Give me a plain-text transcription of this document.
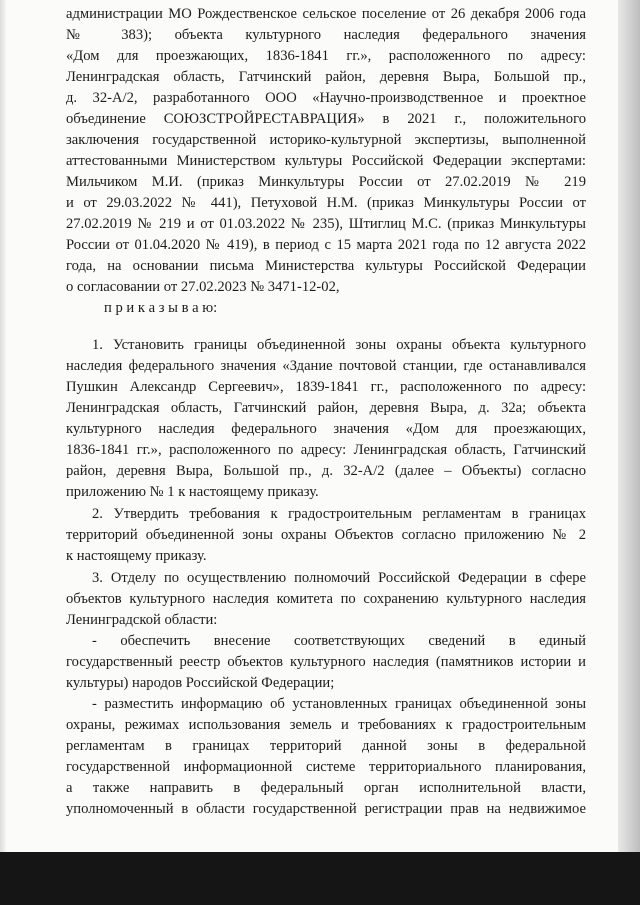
администрации МО Рождественское сельское поселение от 26 декабря 2006 года
№ 383); объекта культурного наследия федерального значения
«Дом для проезжающих, 1836-1841 гг.», расположенного по адресу:
Ленинградская область, Гатчинский район, деревня Выра, Большой пр.,
д. 32-А/2, разработанного ООО «Научно-производственное и проектное
объединение СОЮЗСТРОЙРЕСТАВРАЦИЯ» в 2021 г., положительного
заключения государственной историко-культурной экспертизы, выполненной
аттестованными Министерством культуры Российской Федерации экспертами:
Мильчиком М.И. (приказ Минкультуры России от 27.02.2019 № 219
и от 29.03.2022 № 441), Петуховой Н.М. (приказ Минкультуры России от
27.02.2019 № 219 и от 01.03.2022 № 235), Штиглиц М.С. (приказ Минкультуры
России от 01.04.2020 № 419), в период с 15 марта 2021 года по 12 августа 2022
года, на основании письма Министерства культуры Российской Федерации
о согласовании от 27.02.2023 № 3471-12-02,
п р и к а з ы в а ю:
1. Установить границы объединенной зоны охраны объекта культурного
наследия федерального значения «Здание почтовой станции, где останавливался
Пушкин Александр Сергеевич», 1839-1841 гг., расположенного по адресу:
Ленинградская область, Гатчинский район, деревня Выра, д. 32а; объекта
культурного наследия федерального значения «Дом для проезжающих,
1836-1841 гг.», расположенного по адресу: Ленинградская область, Гатчинский
район, деревня Выра, Большой пр., д. 32-А/2 (далее – Объекты) согласно
приложению № 1 к настоящему приказу.
2. Утвердить требования к градостроительным регламентам в границах
территорий объединенной зоны охраны Объектов согласно приложению № 2
к настоящему приказу.
3. Отделу по осуществлению полномочий Российской Федерации в сфере
объектов культурного наследия комитета по сохранению культурного наследия
Ленинградской области:
- обеспечить внесение соответствующих сведений в единый
государственный реестр объектов культурного наследия (памятников истории и
культуры) народов Российской Федерации;
- разместить информацию об установленных границах объединенной зоны
охраны, режимах использования земель и требованиях к градостроительным
регламентам в границах территорий данной зоны в федеральной
государственной информационной системе территориального планирования,
а также направить в федеральный орган исполнительной власти,
уполномоченный в области государственной регистрации прав на недвижимое
